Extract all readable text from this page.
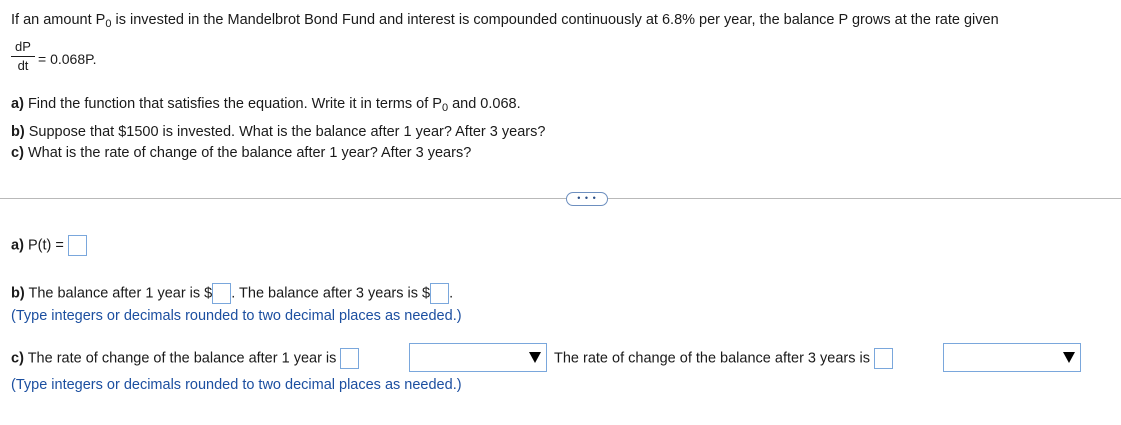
If an amount $P_0$ is invested in the Mandelbrot Bond Fund and interest is compounded continuously at 6.8% per year, the balance P grows at the rate given
dP
dt = 0.068P.
a) Find the function that satisfies the equation. Write it in terms of $P_0$ and 0.068.
b) Suppose that $1500 is invested. What is the balance after 1 year? After 3 years?
c) What is the rate of change of the balance after 1 year? After 3 years?
• • •
a) P(t) =
b) The balance after 1 year is $ . The balance after 3 years is $ .
(Type integers or decimals rounded to two decimal places as needed.)
c) The rate of change of the balance after 1 year is	The rate of change of the balance after 3 years is
(Type integers or decimals rounded to two decimal places as needed.)
